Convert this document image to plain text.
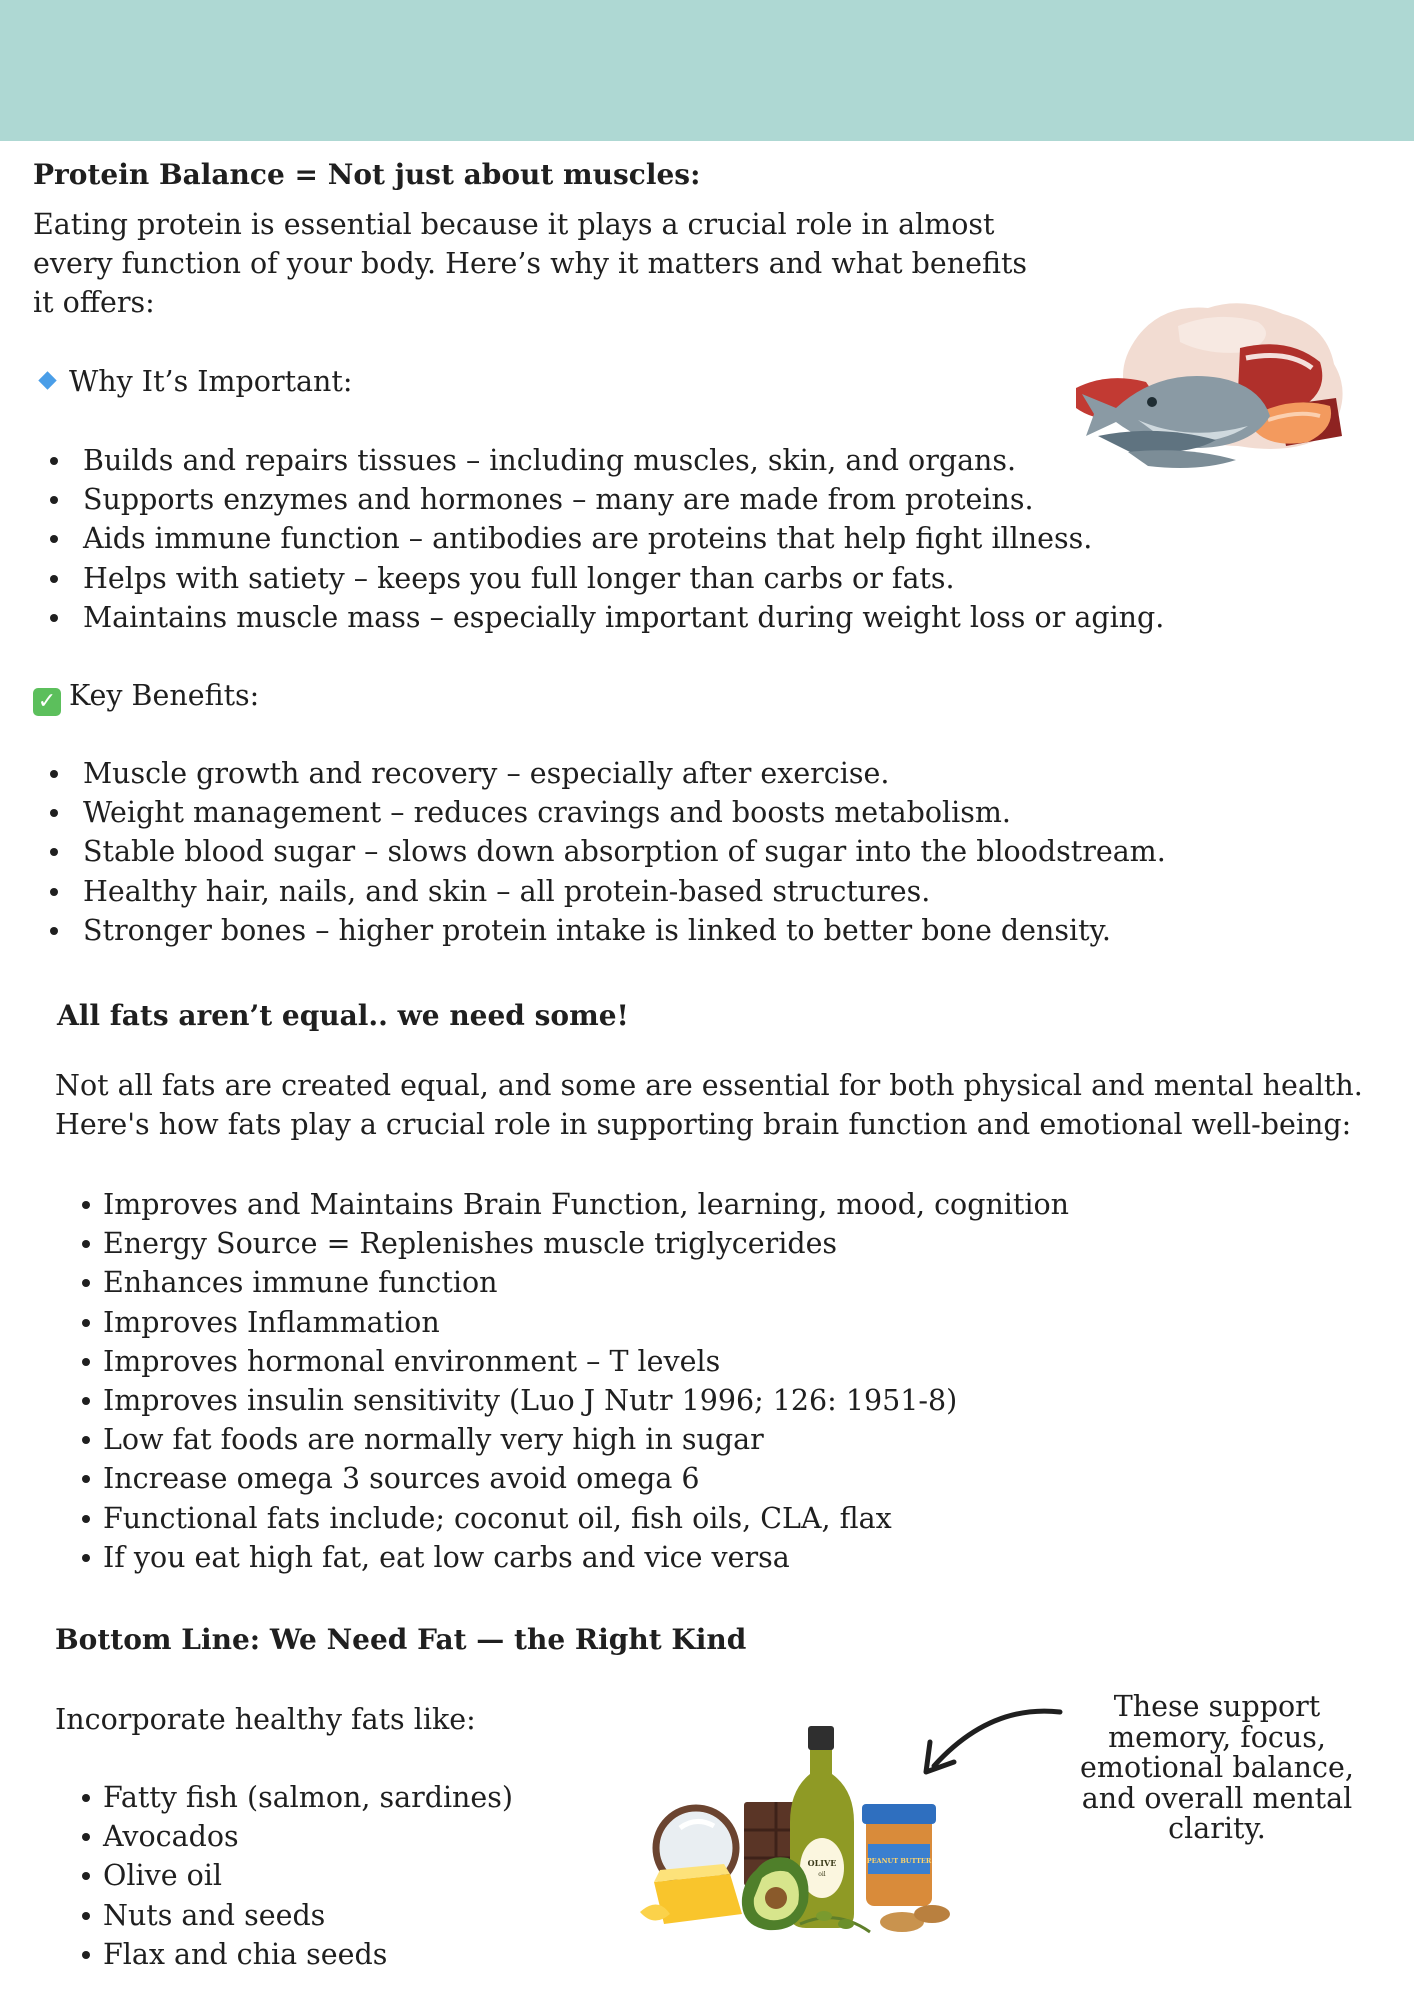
Protein Balance = Not just about muscles:
Eating protein is essential because it plays a crucial role in almost
every function of your body. Here’s why it matters and what benefits
it offers:
Why It’s Important:
Builds and repairs tissues – including muscles, skin, and organs.
Supports enzymes and hormones – many are made from proteins.
Aids immune function – antibodies are proteins that help fight illness.
Helps with satiety – keeps you full longer than carbs or fats.
Maintains muscle mass – especially important during weight loss or aging.
✓ Key Benefits:
Muscle growth and recovery – especially after exercise.
Weight management – reduces cravings and boosts metabolism.
Stable blood sugar – slows down absorption of sugar into the bloodstream.
Healthy hair, nails, and skin – all protein-based structures.
Stronger bones – higher protein intake is linked to better bone density.
All fats aren’t equal.. we need some!
Not all fats are created equal, and some are essential for both physical and mental health.
Here's how fats play a crucial role in supporting brain function and emotional well-being:
Improves and Maintains Brain Function, learning, mood, cognition
Energy Source = Replenishes muscle triglycerides
Enhances immune function
Improves Inflammation
Improves hormonal environment – T levels
Improves insulin sensitivity (Luo J Nutr 1996; 126: 1951-8)
Low fat foods are normally very high in sugar
Increase omega 3 sources avoid omega 6
Functional fats include; coconut oil, fish oils, CLA, flax
If you eat high fat, eat low carbs and vice versa
Bottom Line: We Need Fat — the Right Kind
Incorporate healthy fats like:
Fatty fish (salmon, sardines)
Avocados
Olive oil
Nuts and seeds
Flax and chia seeds
OLIVE
oil
PEANUT BUTTER
These support
memory, focus,
emotional balance,
and overall mental
clarity.
